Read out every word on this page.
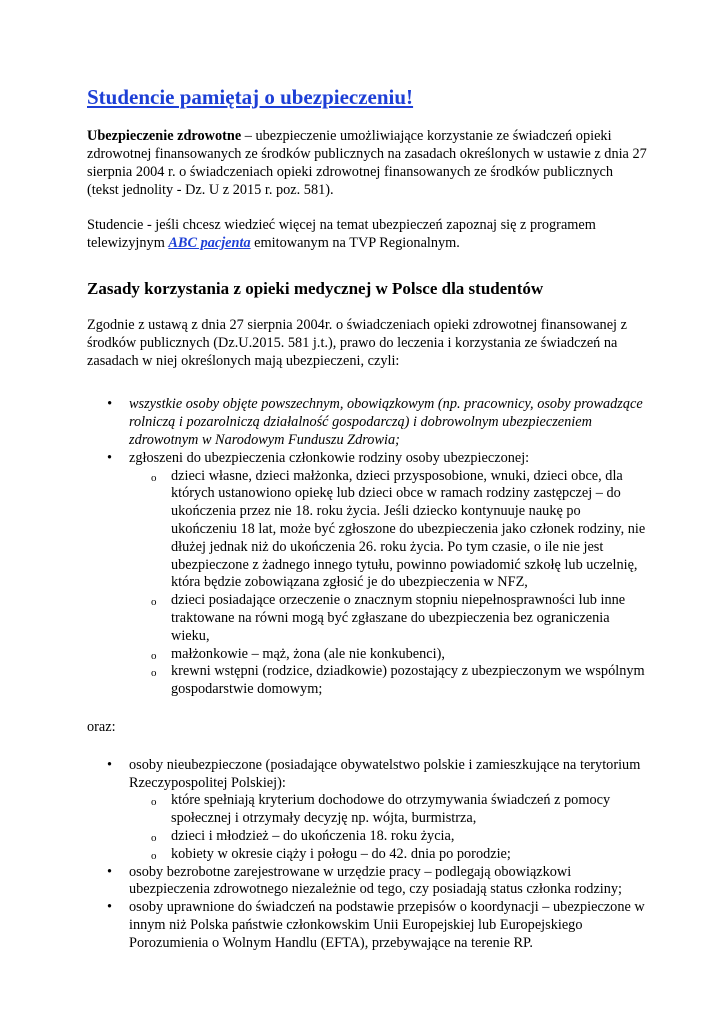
Studencie pamiętaj o ubezpieczeniu!

Ubezpieczenie zdrowotne – ubezpieczenie umożliwiające korzystanie ze świadczeń opieki zdrowotnej finansowanych ze środków publicznych na zasadach określonych w ustawie z dnia 27 sierpnia 2004 r. o świadczeniach opieki zdrowotnej finansowanych ze środków publicznych (tekst jednolity - Dz. U z 2015 r. poz. 581).

Studencie - jeśli chcesz wiedzieć więcej na temat ubezpieczeń zapoznaj się z programem telewizyjnym ABC pacjenta emitowanym na TVP Regionalnym.

Zasady korzystania z opieki medycznej w Polsce dla studentów

Zgodnie z ustawą z dnia 27 sierpnia 2004r. o świadczeniach opieki zdrowotnej finansowanej z środków publicznych (Dz.U.2015. 581 j.t.), prawo do leczenia i korzystania ze świadczeń na zasadach w niej określonych mają ubezpieczeni, czyli:

• wszystkie osoby objęte powszechnym, obowiązkowym (np. pracownicy, osoby prowadzące rolniczą i pozarolniczą działalność gospodarczą) i dobrowolnym ubezpieczeniem zdrowotnym w Narodowym Funduszu Zdrowia;
• zgłoszeni do ubezpieczenia członkowie rodziny osoby ubezpieczonej:
o dzieci własne, dzieci małżonka, dzieci przysposobione, wnuki, dzieci obce, dla których ustanowiono opiekę lub dzieci obce w ramach rodziny zastępczej – do ukończenia przez nie 18. roku życia. Jeśli dziecko kontynuuje naukę po ukończeniu 18 lat, może być zgłoszone do ubezpieczenia jako członek rodziny, nie dłużej jednak niż do ukończenia 26. roku życia. Po tym czasie, o ile nie jest ubezpieczone z żadnego innego tytułu, powinno powiadomić szkołę lub uczelnię, która będzie zobowiązana zgłosić je do ubezpieczenia w NFZ,
o dzieci posiadające orzeczenie o znacznym stopniu niepełnosprawności lub inne traktowane na równi mogą być zgłaszane do ubezpieczenia bez ograniczenia wieku,
o małżonkowie – mąż, żona (ale nie konkubenci),
o krewni wstępni (rodzice, dziadkowie) pozostający z ubezpieczonym we wspólnym gospodarstwie domowym;

oraz:

• osoby nieubezpieczone (posiadające obywatelstwo polskie i zamieszkujące na terytorium Rzeczypospolitej Polskiej):
o które spełniają kryterium dochodowe do otrzymywania świadczeń z pomocy społecznej i otrzymały decyzję np. wójta, burmistrza,
o dzieci i młodzież – do ukończenia 18. roku życia,
o kobiety w okresie ciąży i połogu – do 42. dnia po porodzie;
• osoby bezrobotne zarejestrowane w urzędzie pracy – podlegają obowiązkowi ubezpieczenia zdrowotnego niezależnie od tego, czy posiadają status członka rodziny;
• osoby uprawnione do świadczeń na podstawie przepisów o koordynacji – ubezpieczone w innym niż Polska państwie członkowskim Unii Europejskiej lub Europejskiego Porozumienia o Wolnym Handlu (EFTA), przebywające na terenie RP.
